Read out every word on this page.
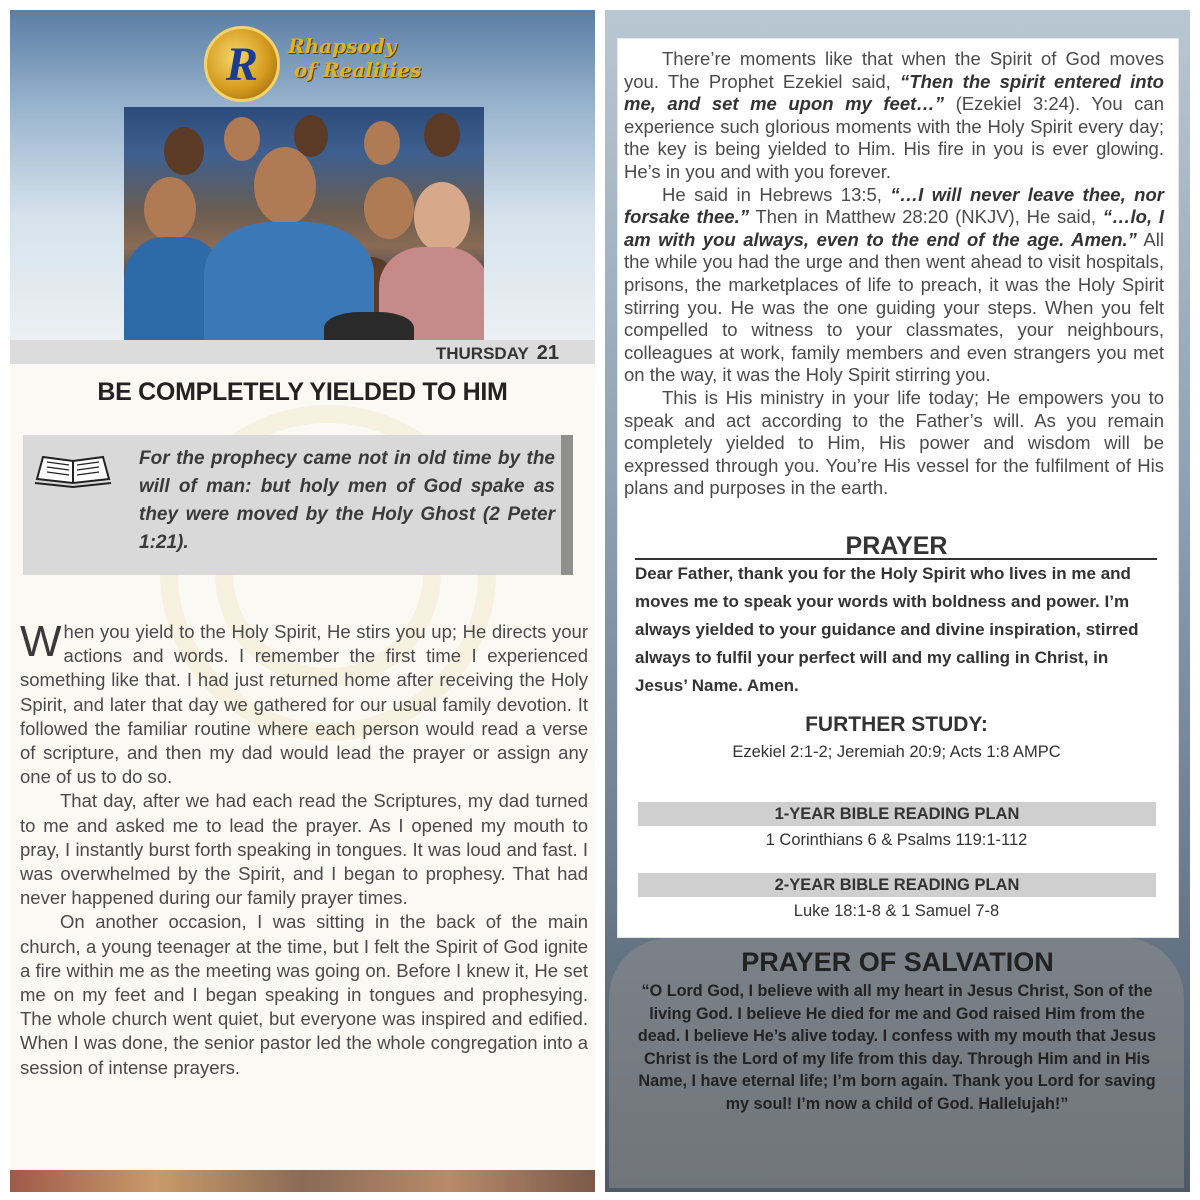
R Rhapsody
of Realities
THURSDAY 21
BE COMPLETELY YIELDED TO HIM
For the prophecy came not in old time by the will of man: but holy men of God spake as they were moved by the Holy Ghost (2 Peter 1:21).

When you yield to the Holy Spirit, He stirs you up; He directs your actions and words. I remember the first time I experienced something like that. I had just returned home after receiving the Holy Spirit, and later that day we gathered for our usual family devotion. It followed the familiar routine where each person would read a verse of scripture, and then my dad would lead the prayer or assign any one of us to do so.

That day, after we had each read the Scriptures, my dad turned to me and asked me to lead the prayer. As I opened my mouth to pray, I instantly burst forth speaking in tongues. It was loud and fast. I was overwhelmed by the Spirit, and I began to prophesy. That had never happened during our family prayer times.

On another occasion, I was sitting in the back of the main church, a young teenager at the time, but I felt the Spirit of God ignite a fire within me as the meeting was going on. Before I knew it, He set me on my feet and I began speaking in tongues and prophesying. The whole church went quiet, but everyone was inspired and edified. When I was done, the senior pastor led the whole congregation into a session of intense prayers.

There’re moments like that when the Spirit of God moves you. The Prophet Ezekiel said, “Then the spirit entered into me, and set me upon my feet…” (Ezekiel 3:24). You can experience such glorious moments with the Holy Spirit every day; the key is being yielded to Him. His fire in you is ever glowing. He’s in you and with you forever.

He said in Hebrews 13:5, “…I will never leave thee, nor forsake thee.” Then in Matthew 28:20 (NKJV), He said, “…lo, I am with you always, even to the end of the age. Amen.” All the while you had the urge and then went ahead to visit hospitals, prisons, the marketplaces of life to preach, it was the Holy Spirit stirring you. He was the one guiding your steps. When you felt compelled to witness to your classmates, your neighbours, colleagues at work, family members and even strangers you met on the way, it was the Holy Spirit stirring you.

This is His ministry in your life today; He empowers you to speak and act according to the Father’s will. As you remain completely yielded to Him, His power and wisdom will be expressed through you. You’re His vessel for the fulfilment of His plans and purposes in the earth.

PRAYER
Dear Father, thank you for the Holy Spirit who lives in me and moves me to speak your words with boldness and power. I’m always yielded to your guidance and divine inspiration, stirred always to fulfil your perfect will and my calling in Christ, in Jesus’ Name. Amen.
FURTHER STUDY:
Ezekiel 2:1-2; Jeremiah 20:9; Acts 1:8 AMPC
1-YEAR BIBLE READING PLAN
1 Corinthians 6 & Psalms 119:1-112
2-YEAR BIBLE READING PLAN
Luke 18:1-8 & 1 Samuel 7-8
PRAYER OF SALVATION
“O Lord God, I believe with all my heart in Jesus Christ, Son of the living God. I believe He died for me and God raised Him from the dead. I believe He’s alive today. I confess with my mouth that Jesus Christ is the Lord of my life from this day. Through Him and in His Name, I have eternal life; I’m born again. Thank you Lord for saving my soul! I’m now a child of God. Hallelujah!”
